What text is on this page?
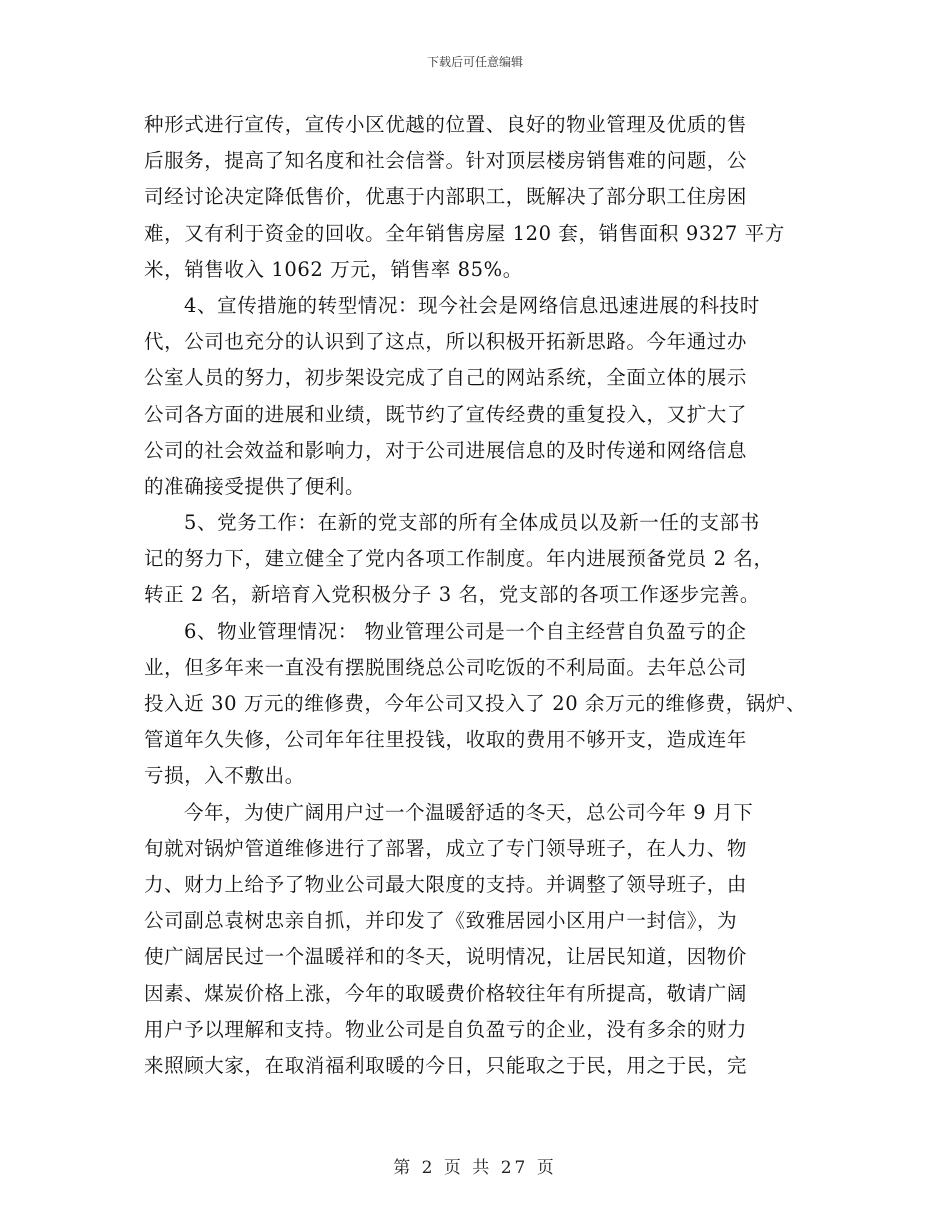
下载后可任意编辑
种形式进行宣传，宣传小区优越的位置、良好的物业管理及优质的售
后服务，提高了知名度和社会信誉。针对顶层楼房销售难的问题，公
司经讨论决定降低售价，优惠于内部职工，既解决了部分职工住房困
难，又有利于资金的回收。全年销售房屋 120 套，销售面积 9327 平方
米，销售收入 1062 万元，销售率 85%。
4、宣传措施的转型情况：现今社会是网络信息迅速进展的科技时
代，公司也充分的认识到了这点，所以积极开拓新思路。今年通过办
公室人员的努力，初步架设完成了自己的网站系统，全面立体的展示
公司各方面的进展和业绩，既节约了宣传经费的重复投入，又扩大了
公司的社会效益和影响力，对于公司进展信息的及时传递和网络信息
的准确接受提供了便利。
5、党务工作：在新的党支部的所有全体成员以及新一任的支部书
记的努力下，建立健全了党内各项工作制度。年内进展预备党员 2 名，
转正 2 名，新培育入党积极分子 3 名，党支部的各项工作逐步完善。
6、物业管理情况： 物业管理公司是一个自主经营自负盈亏的企
业，但多年来一直没有摆脱围绕总公司吃饭的不利局面。去年总公司
投入近 30 万元的维修费，今年公司又投入了 20 余万元的维修费，锅炉、
管道年久失修，公司年年往里投钱，收取的费用不够开支，造成连年
亏损，入不敷出。
今年，为使广阔用户过一个温暖舒适的冬天，总公司今年 9 月下
旬就对锅炉管道维修进行了部署，成立了专门领导班子，在人力、物
力、财力上给予了物业公司最大限度的支持。并调整了领导班子，由
公司副总袁树忠亲自抓，并印发了《致雅居园小区用户一封信》，为
使广阔居民过一个温暖祥和的冬天，说明情况，让居民知道，因物价
因素、煤炭价格上涨，今年的取暖费价格较往年有所提高，敬请广阔
用户予以理解和支持。物业公司是自负盈亏的企业，没有多余的财力
来照顾大家，在取消福利取暖的今日，只能取之于民，用之于民，完
第 2 页 共 27 页
